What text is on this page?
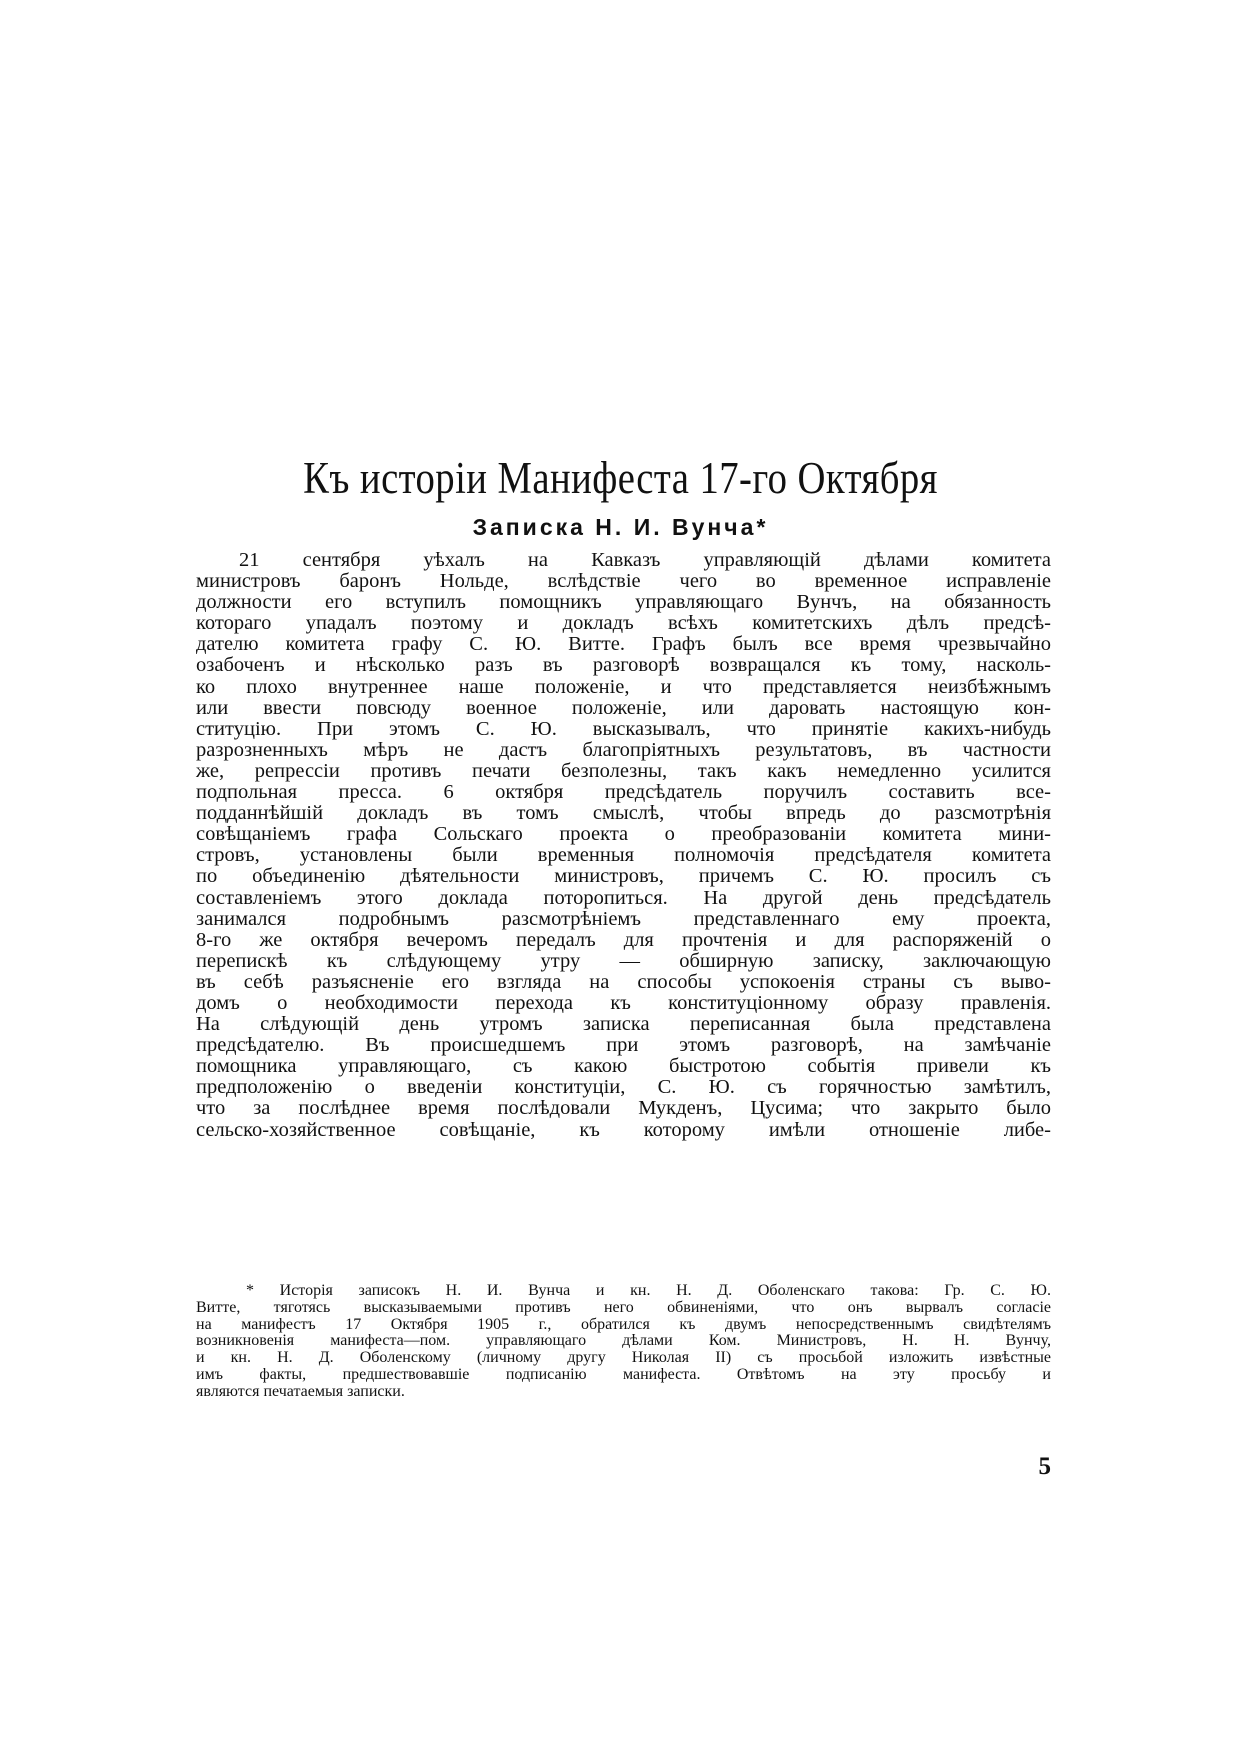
Къ исторіи Манифеста 17-го Октября
Записка Н. И. Вунча*
21 сентября уѣхалъ на Кавказъ управляющій дѣлами комитета
министровъ баронъ Нольде, вслѣдствіе чего во временное исправленіе
должности его вступилъ помощникъ управляющаго Вунчъ, на обязанность
котораго упадалъ поэтому и докладъ всѣхъ комитетскихъ дѣлъ предсѣ-
дателю комитета графу С. Ю. Витте. Графъ былъ все время чрезвычайно
озабоченъ и нѣсколько разъ въ разговорѣ возвращался къ тому, насколь-
ко плохо внутреннее наше положеніе, и что представляется неизбѣжнымъ
или ввести повсюду военное положеніе, или даровать настоящую кон-
ституцію. При этомъ С. Ю. высказывалъ, что принятіе какихъ-нибудь
разрозненныхъ мѣръ не дастъ благопріятныхъ результатовъ, въ частности
же, репрессіи противъ печати безполезны, такъ какъ немедленно усилится
подпольная пресса. 6 октября предсѣдатель поручилъ составить все-
подданнѣйшій докладъ въ томъ смыслѣ, чтобы впредь до разсмотрѣнія
совѣщаніемъ графа Сольскаго проекта о преобразованіи комитета мини-
стровъ, установлены были временныя полномочія предсѣдателя комитета
по объединенію дѣятельности министровъ, причемъ С. Ю. просилъ съ
составленіемъ этого доклада поторопиться. На другой день предсѣдатель
занимался подробнымъ разсмотрѣніемъ представленнаго ему проекта,
8-го же октября вечеромъ передалъ для прочтенія и для распоряженій о
перепискѣ къ слѣдующему утру — обширную записку, заключающую
въ себѣ разъясненіе его взгляда на способы успокоенія страны съ выво-
домъ о необходимости перехода къ конституціонному образу правленія.
На слѣдующій день утромъ записка переписанная была представлена
предсѣдателю. Въ происшедшемъ при этомъ разговорѣ, на замѣчаніе
помощника управляющаго, съ какою быстротою событія привели къ
предположенію о введеніи конституціи, С. Ю. съ горячностью замѣтилъ,
что за послѣднее время послѣдовали Мукденъ, Цусима; что закрыто было
сельско-хозяйственное совѣщаніе, къ которому имѣли отношеніе либе-
* Исторія записокъ Н. И. Вунча и кн. Н. Д. Оболенскаго такова: Гр. С. Ю.
Витте, тяготясь высказываемыми противъ него обвиненіями, что онъ вырвалъ согласіе
на манифестъ 17 Октября 1905 г., обратился къ двумъ непосредственнымъ свидѣтелямъ
возникновенія манифеста—пом. управляющаго дѣлами Ком. Министровъ, Н. Н. Вунчу,
и кн. Н. Д. Оболенскому (личному другу Николая II) съ просьбой изложить извѣстные
имъ факты, предшествовавшіе подписанію манифеста. Отвѣтомъ на эту просьбу и
являются печатаемыя записки.
5
